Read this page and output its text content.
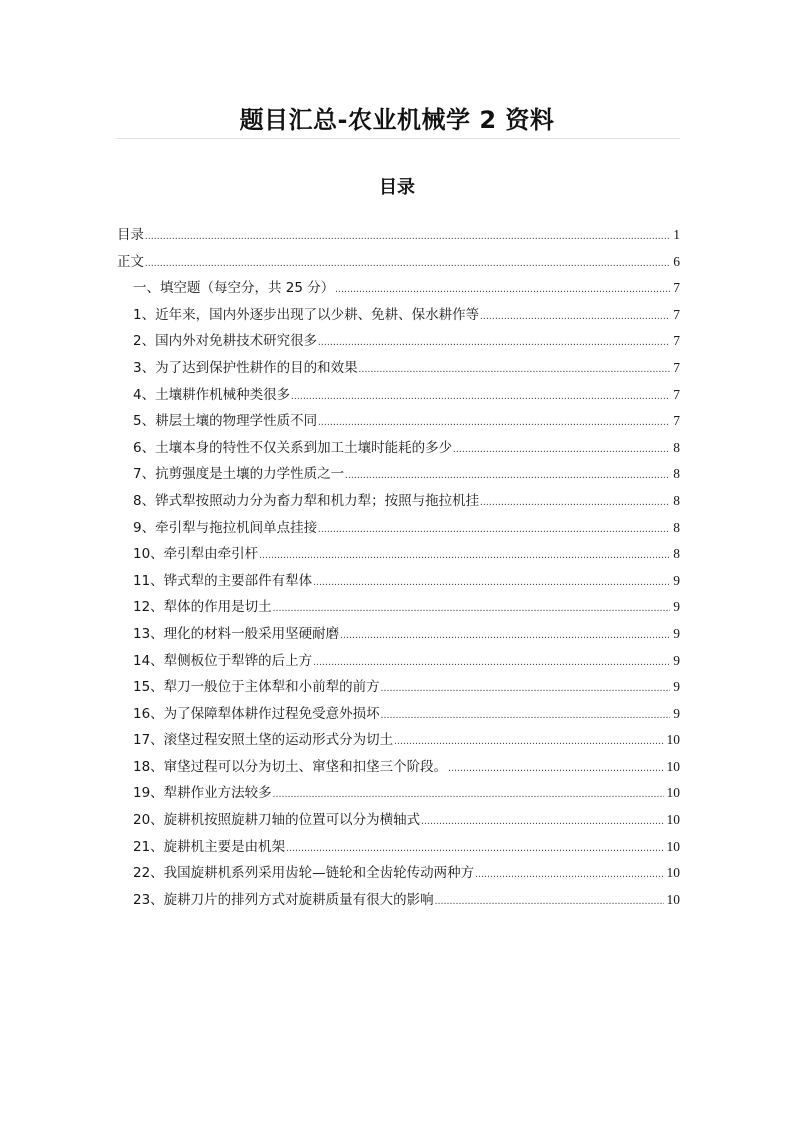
题目汇总-农业机械学 2 资料
目录
目录 .....	1
正文 .....	6
一、填空题（每空分，共 25 分） .....	7
1、近年来，国内外逐步出现了以少耕、免耕、保水耕作等 .....	7
2、国内外对免耕技术研究很多 .....	7
3、为了达到保护性耕作的目的和效果 .....	7
4、土壤耕作机械种类很多 .....	7
5、耕层土壤的物理学性质不同 .....	7
6、土壤本身的特性不仅关系到加工土壤时能耗的多少 .....	8
7、抗剪强度是土壤的力学性质之一 .....	8
8、铧式犁按照动力分为畜力犁和机力犁；按照与拖拉机挂 .....	8
9、牵引犁与拖拉机间单点挂接 .....	8
10、牵引犁由牵引杆 .....	8
11、铧式犁的主要部件有犁体 .....	9
12、犁体的作用是切土 .....	9
13、理化的材料一般采用坚硬耐磨 .....	9
14、犁侧板位于犁铧的后上方 .....	9
15、犁刀一般位于主体犁和小前犁的前方 .....	9
16、为了保障犁体耕作过程免受意外损坏 .....	9
17、滚垡过程安照土垡的运动形式分为切土 .....	10
18、窜垡过程可以分为切土、窜垡和扣垡三个阶段。 .....	10
19、犁耕作业方法较多 .....	10
20、旋耕机按照旋耕刀轴的位置可以分为横轴式 .....	10
21、旋耕机主要是由机架 .....	10
22、我国旋耕机系列采用齿轮—链轮和全齿轮传动两种方 .....	10
23、旋耕刀片的排列方式对旋耕质量有很大的影响 .....	10
